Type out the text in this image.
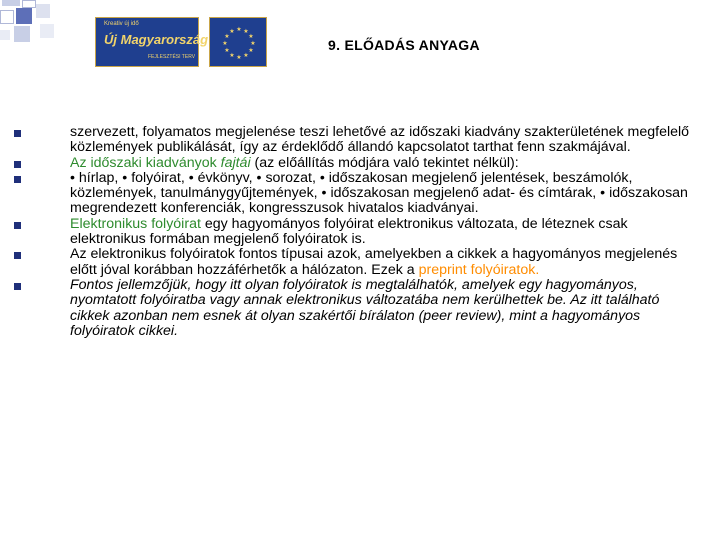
Kreativ új idő
Új Magyarország
FEJLESZTÉSI TERV
★ ★
★
★
★
★
★
★
★
★
★
★
9. ELŐADÁS ANYAGA
szervezett, folyamatos megjelenése teszi lehetővé az időszaki kiadvány szakterületének megfelelő közlemények publikálását, így az érdeklődő állandó kapcsolatot tarthat fenn szakmájával.
Az időszaki kiadványok fajtái (az előállítás módjára való tekintet nélkül):
• hírlap, • folyóirat, • évkönyv, • sorozat, • időszakosan megjelenő jelentések, beszámolók, közlemények, tanulmánygyűjtemények, • időszakosan megjelenő adat- és címtárak, • időszakosan megrendezett konferenciák, kongresszusok hivatalos kiadványai.
Elektronikus folyóirat egy hagyományos folyóirat elektronikus változata, de léteznek csak elektronikus formában megjelenő folyóiratok is.
Az elektronikus folyóiratok fontos típusai azok, amelyekben a cikkek a hagyományos megjelenés előtt jóval korábban hozzáférhetők a hálózaton. Ezek a preprint folyóiratok.
Fontos jellemzőjük, hogy itt olyan folyóiratok is megtalálhatók, amelyek egy hagyományos, nyomtatott folyóiratba vagy annak elektronikus változatába nem kerülhettek be. Az itt található cikkek azonban nem esnek át olyan szakértői bírálaton (peer review), mint a hagyományos folyóiratok cikkei.
